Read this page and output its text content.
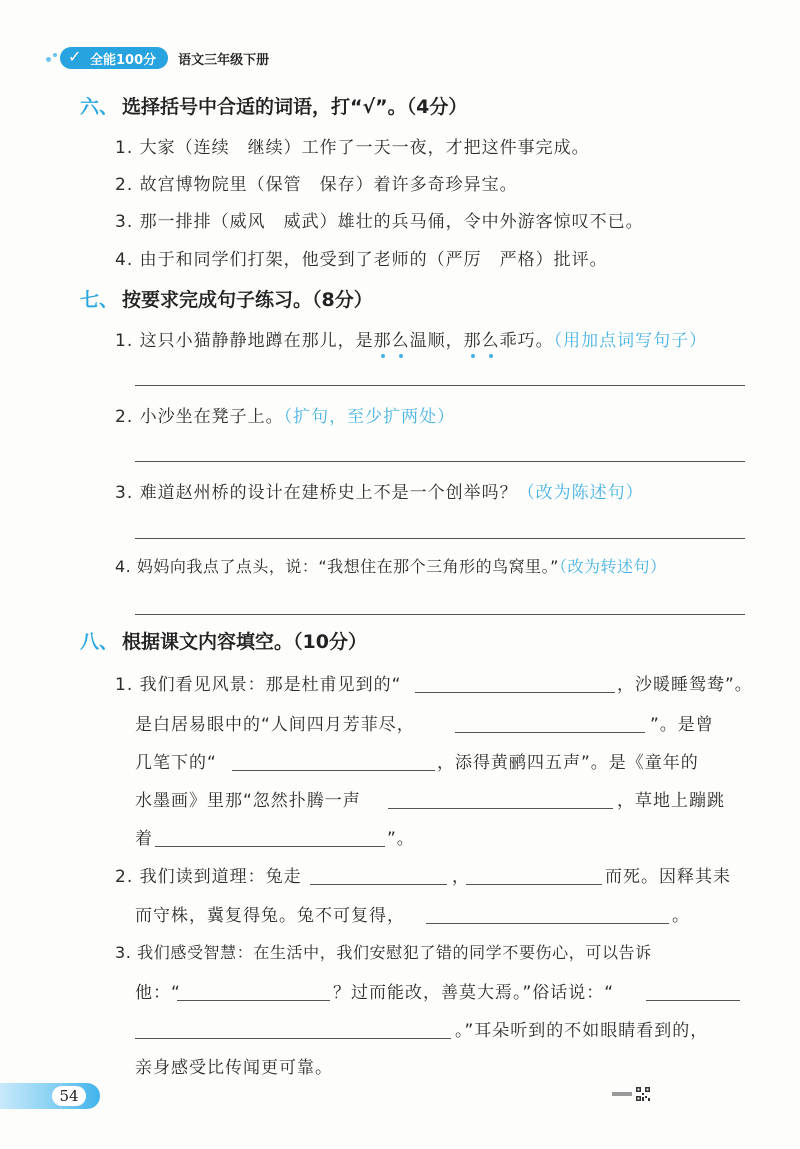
✓ 全能100分 语文三年级下册
六、 选择括号中合适的词语，打“√”。（4分）
1. 大家（连续　继续）工作了一天一夜，才把这件事完成。
2. 故宫博物院里（保管　保存）着许多奇珍异宝。
3. 那一排排（威风　威武）雄壮的兵马俑，令中外游客惊叹不已。
4. 由于和同学们打架，他受到了老师的（严厉　严格）批评。
七、 按要求完成句子练习。（8分）
1. 这只小猫静静地蹲在那儿，是那么温顺，那么乖巧。（用加点词写句子）
2. 小沙坐在凳子上。（扩句，至少扩两处）
3. 难道赵州桥的设计在建桥史上不是一个创举吗？（改为陈述句）
4. 妈妈向我点了点头，说：“我想住在那个三角形的鸟窝里。”（改为转述句）
八、 根据课文内容填空。（10分）
1. 我们看见风景：那是杜甫见到的“	，沙暖睡鸳鸯”。
是白居易眼中的“人间四月芳菲尽，	”。是曾
几笔下的“	，添得黄鹂四五声”。是《童年的
水墨画》里那“忽然扑腾一声	，草地上蹦跳
着	”。
2. 我们读到道理：兔走	，	而死。因释其耒
而守株，冀复得兔。兔不可复得，	。
3. 我们感受智慧：在生活中，我们安慰犯了错的同学不要伤心，可以告诉
他：“	？过而能改，善莫大焉。”俗话说：“
。”耳朵听到的不如眼睛看到的，
亲身感受比传闻更可靠。
54
